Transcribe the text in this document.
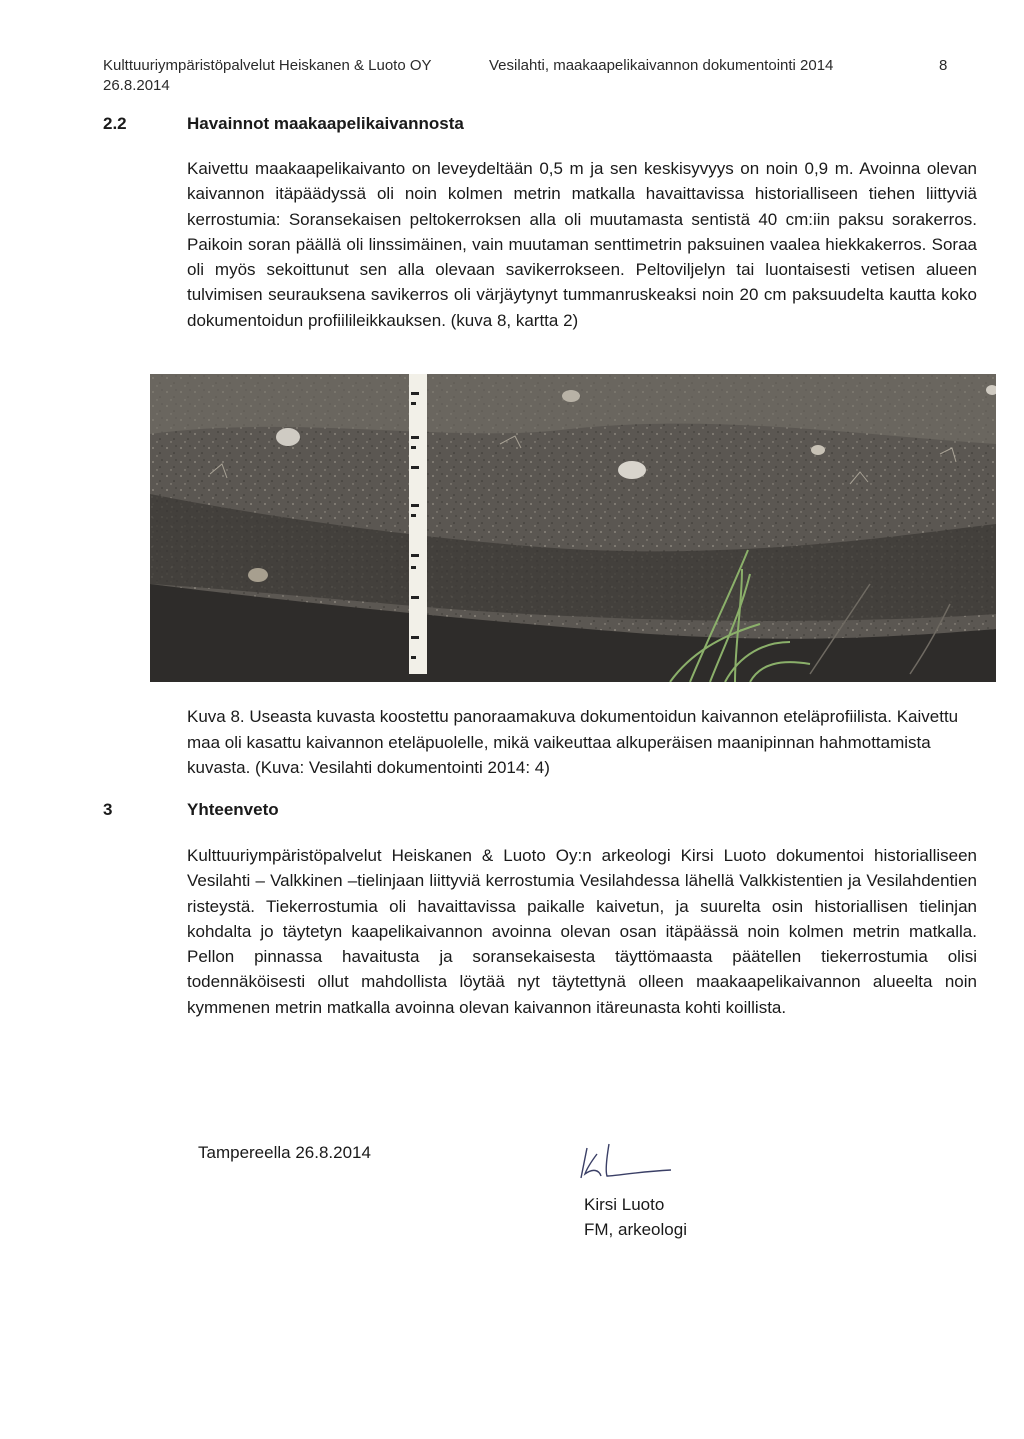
Kulttuuriympäristöpalvelut Heiskanen & Luoto OY
26.8.2014
Vesilahti, maakaapelikaivannon dokumentointi 2014	8
2.2	Havainnot maakaapelikaivannosta

Kaivettu maakaapelikaivanto on leveydeltään 0,5 m ja sen keskisyvyys on noin 0,9 m. Avoinna olevan kaivannon itäpäädyssä oli noin kolmen metrin matkalla havaittavissa historialliseen tiehen liittyviä kerrostumia: Soransekaisen peltokerroksen alla oli muutamasta sentistä 40 cm:iin paksu sorakerros. Paikoin soran päällä oli linssimäinen, vain muutaman senttimetrin paksuinen vaalea hiekkakerros. Soraa oli myös sekoittunut sen alla olevaan savikerrokseen. Peltoviljelyn tai luontaisesti vetisen alueen tulvimisen seurauksena savikerros oli värjäytynyt tummanruskeaksi noin 20 cm paksuudelta kautta koko dokumentoidun profiilileikkauksen. (kuva 8, kartta 2)

Kuva 8. Useasta kuvasta koostettu panoraamakuva dokumentoidun kaivannon eteläprofiilista. Kaivettu maa oli kasattu kaivannon eteläpuolelle, mikä vaikeuttaa alkuperäisen maanipinnan hahmottamista kuvasta. (Kuva: Vesilahti dokumentointi 2014: 4)

3	Yhteenveto

Kulttuuriympäristöpalvelut Heiskanen & Luoto Oy:n arkeologi Kirsi Luoto dokumentoi historialliseen Vesilahti – Valkkinen –tielinjaan liittyviä kerrostumia Vesilahdessa lähellä Valkkistentien ja Vesilahdentien risteystä. Tiekerrostumia oli havaittavissa paikalle kaivetun, ja suurelta osin historiallisen tielinjan kohdalta jo täytetyn kaapelikaivannon avoinna olevan osan itäpäässä noin kolmen metrin matkalla. Pellon pinnassa havaitusta ja soransekaisesta täyttömaasta päätellen tiekerrostumia olisi todennäköisesti ollut mahdollista löytää nyt täytettynä olleen maakaapelikaivannon alueelta noin kymmenen metrin matkalla avoinna olevan kaivannon itäreunasta kohti koillista.

Tampereella 26.8.2014
Kirsi Luoto
FM, arkeologi
